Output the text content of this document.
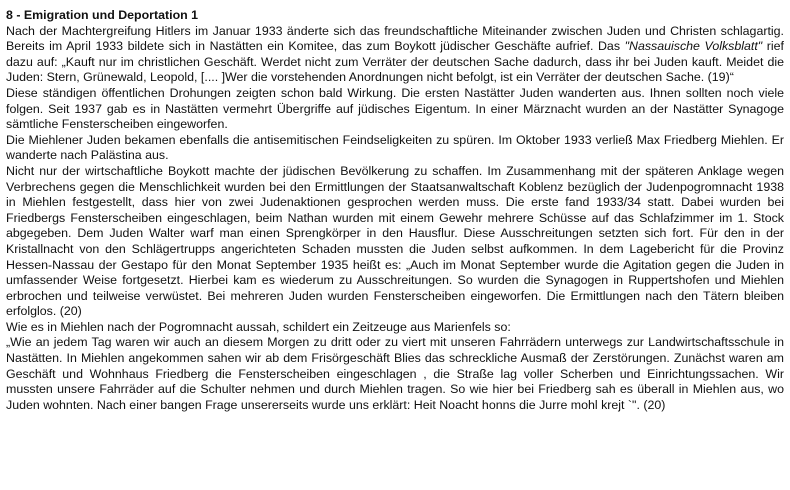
8 - Emigration und Deportation 1

Nach der Machtergreifung Hitlers im Januar 1933 änderte sich das freundschaftliche Miteinander zwischen Juden und Christen schlagartig. Bereits im April 1933 bildete sich in Nastätten ein Komitee, das zum Boykott jüdischer Geschäfte aufrief. Das "Nassauische Volksblatt" rief dazu auf: „Kauft nur im christlichen Geschäft. Werdet nicht zum Verräter der deutschen Sache dadurch, dass ihr bei Juden kauft. Meidet die Juden: Stern, Grünewald, Leopold, [.... ]Wer die vorstehenden Anordnungen nicht befolgt, ist ein Verräter der deutschen Sache. (19)“

Diese ständigen öffentlichen Drohungen zeigten schon bald Wirkung. Die ersten Nastätter Juden wanderten aus. Ihnen sollten noch viele folgen. Seit 1937 gab es in Nastätten vermehrt Übergriffe auf jüdisches Eigentum. In einer Märznacht wurden an der Nastätter Synagoge sämtliche Fensterscheiben eingeworfen.

Die Miehlener Juden bekamen ebenfalls die antisemitischen Feindseligkeiten zu spüren. Im Oktober 1933 verließ Max Friedberg Miehlen. Er wanderte nach Palästina aus.

Nicht nur der wirtschaftliche Boykott machte der jüdischen Bevölkerung zu schaffen. Im Zusammenhang mit der späteren Anklage wegen Verbrechens gegen die Menschlichkeit wurden bei den Ermittlungen der Staatsanwaltschaft Koblenz bezüglich der Judenpogromnacht 1938 in Miehlen festgestellt, dass hier von zwei Judenaktionen gesprochen werden muss. Die erste fand 1933/34 statt. Dabei wurden bei Friedbergs Fensterscheiben eingeschlagen, beim Nathan wurden mit einem Gewehr mehrere Schüsse auf das Schlafzimmer im 1. Stock abgegeben. Dem Juden Walter warf man einen Sprengkörper in den Hausflur. Diese Ausschreitungen setzten sich fort. Für den in der Kristallnacht von den Schlägertrupps angerichteten Schaden mussten die Juden selbst aufkommen. In dem Lagebericht für die Provinz Hessen-Nassau der Gestapo für den Monat September 1935 heißt es: „Auch im Monat September wurde die Agitation gegen die Juden in umfassender Weise fortgesetzt. Hierbei kam es wiederum zu Ausschreitungen. So wurden die Synagogen in Ruppertshofen und Miehlen erbrochen und teilweise verwüstet. Bei mehreren Juden wurden Fensterscheiben eingeworfen. Die Ermittlungen nach den Tätern bleiben erfolglos. (20)

Wie es in Miehlen nach der Pogromnacht aussah, schildert ein Zeitzeuge aus Marienfels so:

„Wie an jedem Tag waren wir auch an diesem Morgen zu dritt oder zu viert mit unseren Fahrrädern unterwegs zur Landwirtschaftsschule in Nastätten. In Miehlen angekommen sahen wir ab dem Frisörgeschäft Blies das schreckliche Ausmaß der Zerstörungen. Zunächst waren am Geschäft und Wohnhaus Friedberg die Fensterscheiben eingeschlagen , die Straße lag voller Scherben und Einrichtungssachen. Wir mussten unsere Fahrräder auf die Schulter nehmen und durch Miehlen tragen. So wie hier bei Friedberg sah es überall in Miehlen aus, wo Juden wohnten. Nach einer bangen Frage unsererseits wurde uns erklärt: Heit Noacht honns die Jurre mohl krejt `". (20)
